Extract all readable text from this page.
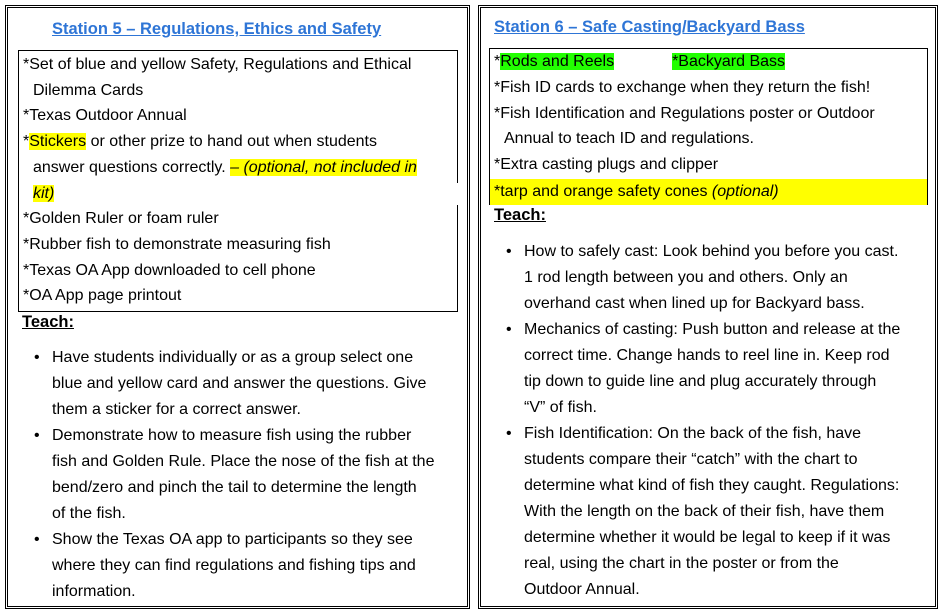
Station 5 – Regulations, Ethics and Safety
*Set of blue and yellow Safety, Regulations and Ethical
Dilemma Cards
*Texas Outdoor Annual
*Stickers or other prize to hand out when students
answer questions correctly. – (optional, not included in
kit)
*Golden Ruler or foam ruler
*Rubber fish to demonstrate measuring fish
*Texas OA App downloaded to cell phone
*OA App page printout
Teach:
• Have students individually or as a group select one
blue and yellow card and answer the questions. Give
them a sticker for a correct answer.
• Demonstrate how to measure fish using the rubber
fish and Golden Rule. Place the nose of the fish at the
bend/zero and pinch the tail to determine the length
of the fish.
• Show the Texas OA app to participants so they see
where they can find regulations and fishing tips and
information.
Station 6 – Safe Casting/Backyard Bass
*Rods and Reels	*Backyard Bass
*Fish ID cards to exchange when they return the fish!
*Fish Identification and Regulations poster or Outdoor
Annual to teach ID and regulations.
*Extra casting plugs and clipper
*tarp and orange safety cones (optional)
Teach:
• How to safely cast: Look behind you before you cast.
1 rod length between you and others. Only an
overhand cast when lined up for Backyard bass.
• Mechanics of casting: Push button and release at the
correct time. Change hands to reel line in. Keep rod
tip down to guide line and plug accurately through
“V” of fish.
• Fish Identification: On the back of the fish, have
students compare their “catch” with the chart to
determine what kind of fish they caught. Regulations:
With the length on the back of their fish, have them
determine whether it would be legal to keep if it was
real, using the chart in the poster or from the
Outdoor Annual.
